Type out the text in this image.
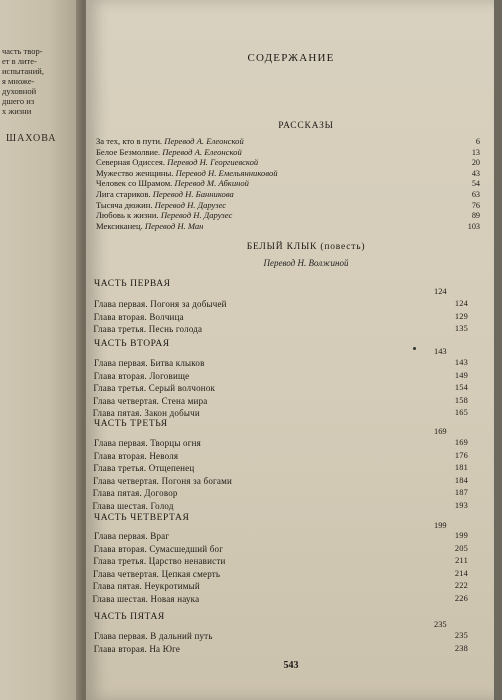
часть твор-
ет в лите-
испытаний,
я множе-
духовной
дшего из
х жизни
ШАХОВА
СОДЕРЖАНИЕ
РАССКАЗЫ
За тех, кто в пути. Перевод А. Елеонской	6
Белое Безмолвие. Перевод А. Елеонской	13
Северная Одиссея. Перевод Н. Георгиевской	20
Мужество женщины. Перевод Н. Емельянниковой	43
Человек со Шрамом. Перевод М. Абкиной	54
Лига стариков. Перевод Н. Банникова	63
Тысяча дюжин. Перевод Н. Дарузес	76
Любовь к жизни. Перевод Н. Дарузес	89
Мексиканец. Перевод Н. Ман	103
БЕЛЫЙ КЛЫК (повесть)
Перевод Н. Волжиной
ЧАСТЬ ПЕРВАЯ
124
Глава первая. Погоня за добычей	124
Глава вторая. Волчица	129
Глава третья. Песнь голода	135
ЧАСТЬ ВТОРАЯ
143
Глава первая. Битва клыков	143
Глава вторая. Логовище	149
Глава третья. Серый волчонок	154
Глава четвертая. Стена мира	158
Глава пятая. Закон добычи	165
ЧАСТЬ ТРЕТЬЯ
169
Глава первая. Творцы огня	169
Глава вторая. Неволя	176
Глава третья. Отщепенец	181
Глава четвертая. Погоня за богами	184
Глава пятая. Договор	187
Глава шестая. Голод	193
ЧАСТЬ ЧЕТВЕРТАЯ
199
Глава первая. Враг	199
Глава вторая. Сумасшедший бог	205
Глава третья. Царство ненависти	211
Глава четвертая. Цепкая смерть	214
Глава пятая. Неукротимый	222
Глава шестая. Новая наука	226
ЧАСТЬ ПЯТАЯ
235
Глава первая. В дальний путь	235
Глава вторая. На Юге	238
543
